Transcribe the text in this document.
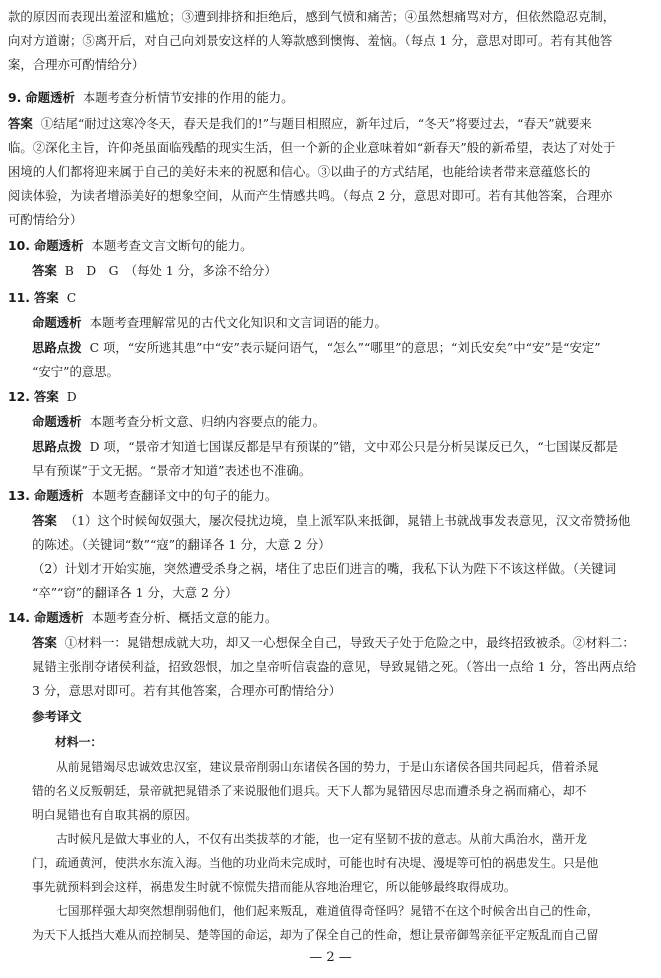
款的原因而表现出羞涩和尴尬；③遭到排挤和拒绝后，感到气愤和痛苦；④虽然想痛骂对方，但依然隐忍克制，

向对方道谢；⑤离开后，对自己向刘景安这样的人筹款感到懊悔、羞恼。（每点 1 分，意思对即可。若有其他答

案，合理亦可酌情给分）

9. 命题透析 本题考查分析情节安排的作用的能力。

答案 ①结尾“耐过这寒冷冬天，春天是我们的!”与题目相照应，新年过后，“冬天”将要过去，“春天”就要来

临。②深化主旨，许仰尧虽面临残酷的现实生活，但一个新的企业意味着如“新春天”般的新希望，表达了对处于

困境的人们都将迎来属于自己的美好未来的祝愿和信心。③以曲子的方式结尾，也能给读者带来意蕴悠长的

阅读体验，为读者增添美好的想象空间，从而产生情感共鸣。（每点 2 分，意思对即可。若有其他答案，合理亦

可酌情给分）

10. 命题透析 本题考查文言文断句的能力。

答案 B　D　G　（每处 1 分，多涂不给分）

11. 答案 C

命题透析 本题考查理解常见的古代文化知识和文言词语的能力。

思路点拨 C 项，“安所逃其患”中“安”表示疑问语气，“怎么”“哪里”的意思；“刘氏安矣”中“安”是“安定”

“安宁”的意思。

12. 答案 D

命题透析 本题考查分析文意、归纳内容要点的能力。

思路点拨 D 项，“景帝才知道七国谋反都是早有预谋的”错，文中邓公只是分析吴谋反已久，“七国谋反都是

早有预谋”于文无据。“景帝才知道”表述也不准确。

13. 命题透析 本题考查翻译文中的句子的能力。

答案 （1）这个时候匈奴强大，屡次侵扰边境，皇上派军队来抵御，晁错上书就战事发表意见，汉文帝赞扬他

的陈述。（关键词“数”“寇”的翻译各 1 分，大意 2 分）

（2）计划才开始实施，突然遭受杀身之祸，堵住了忠臣们进言的嘴，我私下认为陛下不该这样做。（关键词

“卒”“窃”的翻译各 1 分，大意 2 分）

14. 命题透析 本题考查分析、概括文意的能力。

答案 ①材料一：晁错想成就大功，却又一心想保全自己，导致天子处于危险之中，最终招致被杀。②材料二：

晁错主张削夺诸侯利益，招致怨恨，加之皇帝听信袁盎的意见，导致晁错之死。（答出一点给 1 分，答出两点给

3 分，意思对即可。若有其他答案，合理亦可酌情给分）

参考译文

材料一：

从前晁错竭尽忠诚效忠汉室，建议景帝削弱山东诸侯各国的势力，于是山东诸侯各国共同起兵，借着杀晁

错的名义反叛朝廷，景帝就把晁错杀了来说服他们退兵。天下人都为晁错因尽忠而遭杀身之祸而痛心，却不

明白晁错也有自取其祸的原因。

古时候凡是做大事业的人，不仅有出类拔萃的才能，也一定有坚韧不拔的意志。从前大禹治水，凿开龙

门，疏通黄河，使洪水东流入海。当他的功业尚未完成时，可能也时有决堤、漫堤等可怕的祸患发生。只是他

事先就预料到会这样，祸患发生时就不惊慌失措而能从容地治理它，所以能够最终取得成功。

七国那样强大却突然想削弱他们，他们起来叛乱，难道值得奇怪吗？晁错不在这个时候舍出自己的性命，

为天下人抵挡大难从而控制吴、楚等国的命运，却为了保全自己的性命，想让景帝御驾亲征平定叛乱而自己留

— 2 —
